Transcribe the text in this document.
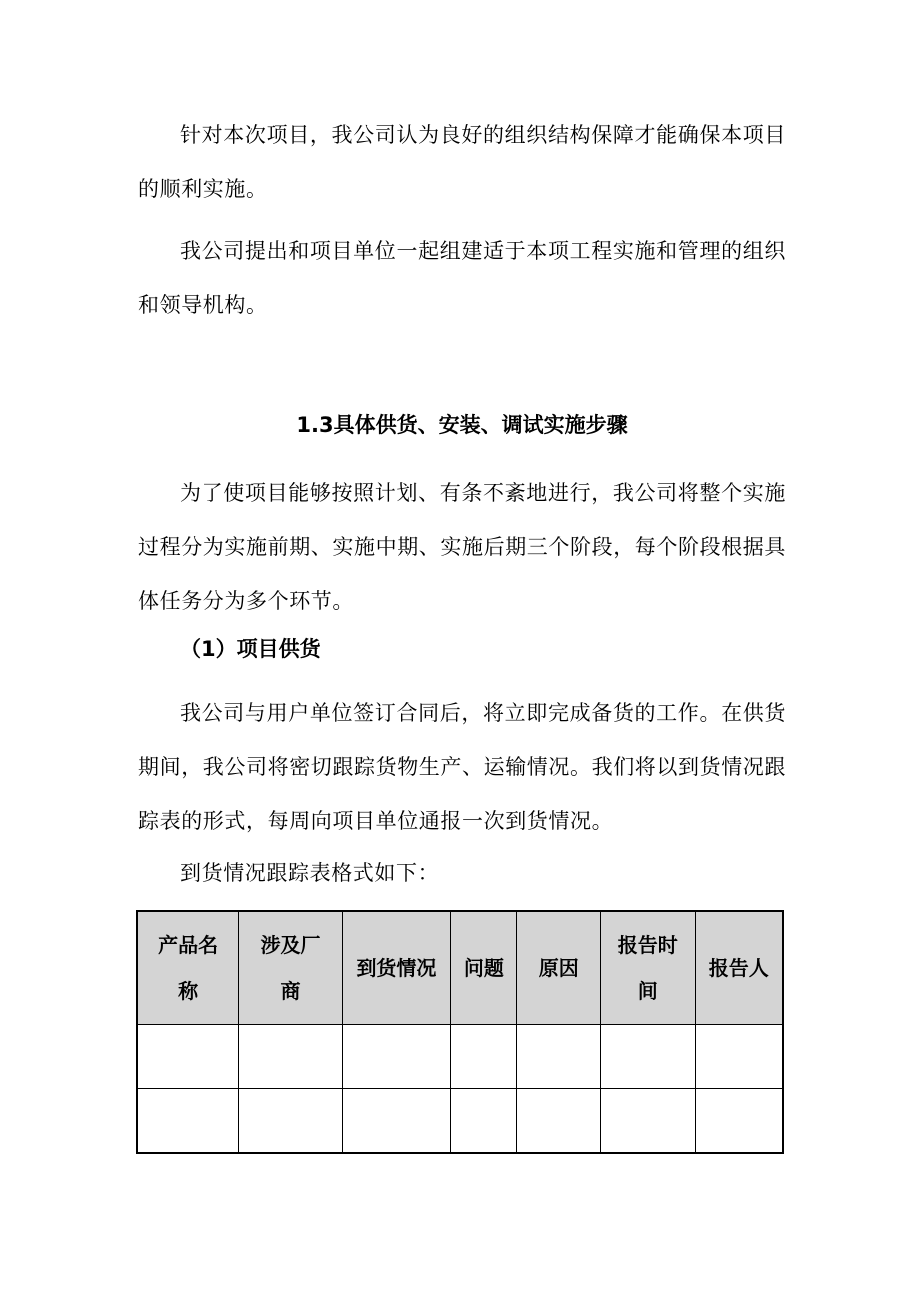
针对本次项目，我公司认为良好的组织结构保障才能确保本项目的顺利实施。

我公司提出和项目单位一起组建适于本项工程实施和管理的组织和领导机构。

1.3具体供货、安装、调试实施步骤

为了使项目能够按照计划、有条不紊地进行，我公司将整个实施过程分为实施前期、实施中期、实施后期三个阶段，每个阶段根据具体任务分为多个环节。

（1）项目供货

我公司与用户单位签订合同后，将立即完成备货的工作。在供货期间，我公司将密切跟踪货物生产、运输情况。我们将以到货情况跟踪表的形式，每周向项目单位通报一次到货情况。

到货情况跟踪表格式如下：

产品名称	涉及厂商	到货情况	问题	原因	报告时间	报告人
